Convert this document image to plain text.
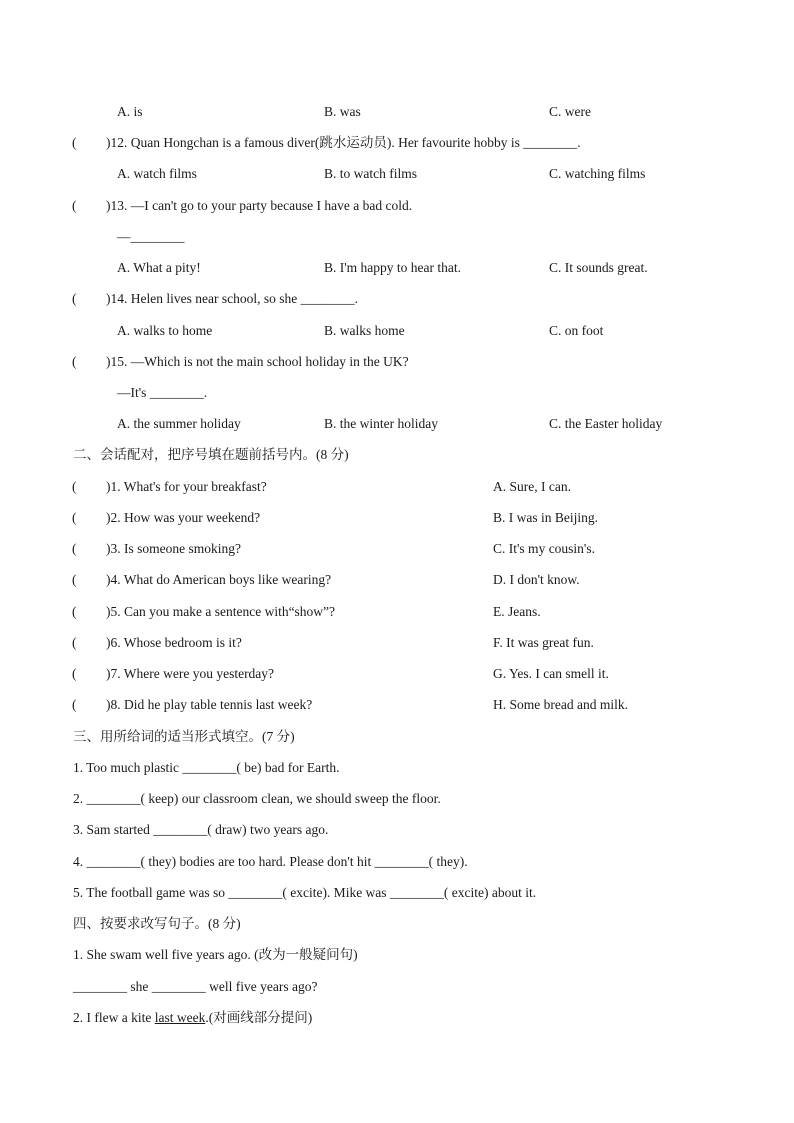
A. is	B. was	C. were
( )12. Quan Hongchan is a famous diver(跳水运动员). Her favourite hobby is ________.
A. watch films	B. to watch films	C. watching films
( )13. —I can't go to your party because I have a bad cold.
—________
A. What a pity!	B. I'm happy to hear that.	C. It sounds great.
( )14. Helen lives near school, so she ________.
A. walks to home	B. walks home	C. on foot
( )15. —Which is not the main school holiday in the UK?
—It's ________.
A. the summer holiday	B. the winter holiday	C. the Easter holiday
二、会话配对，把序号填在题前括号内。(8 分)
( )1. What's for your breakfast?	A. Sure, I can.
( )2. How was your weekend?	B. I was in Beijing.
( )3. Is someone smoking?	C. It's my cousin's.
( )4. What do American boys like wearing?	D. I don't know.
( )5. Can you make a sentence with“show”?	E. Jeans.
( )6. Whose bedroom is it?	F. It was great fun.
( )7. Where were you yesterday?	G. Yes. I can smell it.
( )8. Did he play table tennis last week?	H. Some bread and milk.
三、用所给词的适当形式填空。(7 分)
1. Too much plastic ________( be) bad for Earth.
2. ________( keep) our classroom clean, we should sweep the floor.
3. Sam started ________( draw) two years ago.
4. ________( they) bodies are too hard. Please don't hit ________( they).
5. The football game was so ________( excite). Mike was ________( excite) about it.
四、按要求改写句子。(8 分)
1. She swam well five years ago. (改为一般疑问句)
________ she ________ well five years ago?
2. I flew a kite last week.(对画线部分提问)
